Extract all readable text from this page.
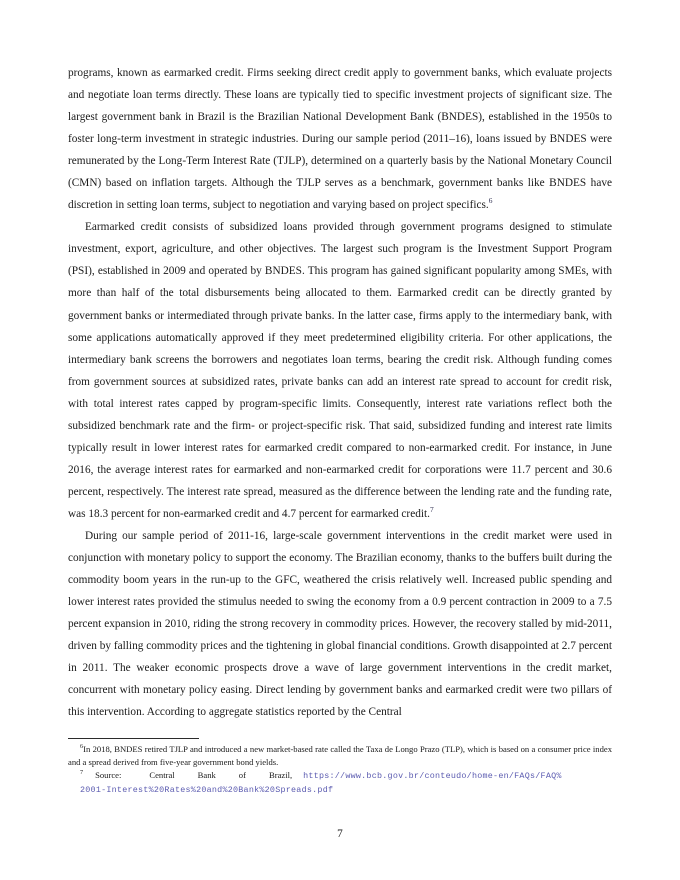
programs, known as earmarked credit. Firms seeking direct credit apply to government banks, which evaluate projects and negotiate loan terms directly. These loans are typically tied to specific investment projects of significant size. The largest government bank in Brazil is the Brazilian National Development Bank (BNDES), established in the 1950s to foster long-term investment in strategic industries. During our sample period (2011–16), loans issued by BNDES were remunerated by the Long-Term Interest Rate (TJLP), determined on a quarterly basis by the National Monetary Council (CMN) based on inflation targets. Although the TJLP serves as a benchmark, government banks like BNDES have discretion in setting loan terms, subject to negotiation and varying based on project specifics.$^6$

Earmarked credit consists of subsidized loans provided through government programs designed to stimulate investment, export, agriculture, and other objectives. The largest such program is the Investment Support Program (PSI), established in 2009 and operated by BNDES. This program has gained significant popularity among SMEs, with more than half of the total disbursements being allocated to them. Earmarked credit can be directly granted by government banks or intermediated through private banks. In the latter case, firms apply to the intermediary bank, with some applications automatically approved if they meet predetermined eligibility criteria. For other applications, the intermediary bank screens the borrowers and negotiates loan terms, bearing the credit risk. Although funding comes from government sources at subsidized rates, private banks can add an interest rate spread to account for credit risk, with total interest rates capped by program-specific limits. Consequently, interest rate variations reflect both the subsidized benchmark rate and the firm- or project-specific risk. That said, subsidized funding and interest rate limits typically result in lower interest rates for earmarked credit compared to non-earmarked credit. For instance, in June 2016, the average interest rates for earmarked and non-earmarked credit for corporations were 11.7 percent and 30.6 percent, respectively. The interest rate spread, measured as the difference between the lending rate and the funding rate, was 18.3 percent for non-earmarked credit and 4.7 percent for earmarked credit.$^7$

During our sample period of 2011-16, large-scale government interventions in the credit market were used in conjunction with monetary policy to support the economy. The Brazilian economy, thanks to the buffers built during the commodity boom years in the run-up to the GFC, weathered the crisis relatively well. Increased public spending and lower interest rates provided the stimulus needed to swing the economy from a 0.9 percent contraction in 2009 to a 7.5 percent expansion in 2010, riding the strong recovery in commodity prices. However, the recovery stalled by mid-2011, driven by falling commodity prices and the tightening in global financial conditions. Growth disappointed at 2.7 percent in 2011. The weaker economic prospects drove a wave of large government interventions in the credit market, concurrent with monetary policy easing. Direct lending by government banks and earmarked credit were two pillars of this intervention. According to aggregate statistics reported by the Central

$^6$In 2018, BNDES retired TJLP and introduced a new market-based rate called the Taxa de Longo Prazo (TLP), which is based on a consumer price index and a spread derived from five-year government bond yields.

$^7$ Source:	Central	Bank	of	Brazil, https://www.bcb.gov.br/conteudo/home-en/FAQs/FAQ%
2001-Interest%20Rates%20and%20Bank%20Spreads.pdf

7
